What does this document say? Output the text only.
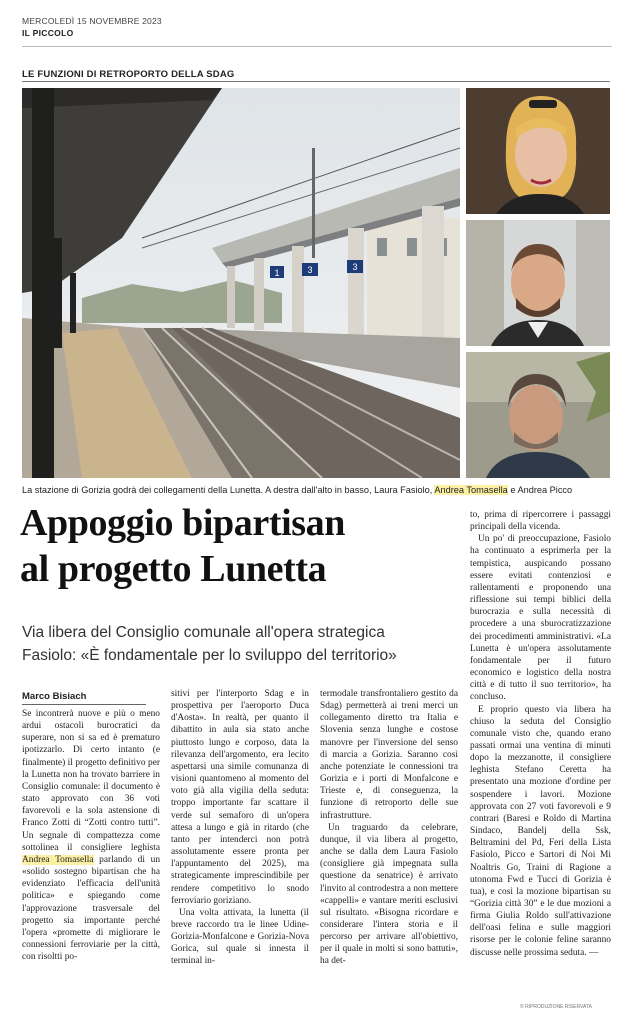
MERCOLEDÌ 15 NOVEMBRE 2023
IL PICCOLO
LE FUNZIONI DI RETROPORTO DELLA SDAG
1	3	3
La stazione di Gorizia godrà dei collegamenti della Lunetta. A destra dall'alto in basso, Laura Fasiolo, Andrea Tomasella e Andrea Picco
Appoggio bipartisan
al progetto Lunetta
Via libera del Consiglio comunale all'opera strategica
Fasiolo: «È fondamentale per lo sviluppo del territorio»
Marco Bisiach

Se incontrerà nuove e più o meno ardui ostacoli burocratici da superare, non si sa ed è prematuro ipotizzarlo. Di certo intanto (e finalmente) il progetto definitivo per la Lunetta non ha trovato barriere in Consiglio comunale: il documento è stato approvato con 36 voti favorevoli e la sola astensione di Franco Zotti di “Zotti contro tutti”. Un segnale di compattezza come sottolinea il consigliere leghista Andrea Tomasella parlando di un «solido sostegno bipartisan che ha evidenziato l'efficacia dell'unità politica» e spiegando come l'approvazione trasversale del progetto sia importante perché l'opera «promette di migliorare le connessioni ferroviarie per la città, con risoltti po-

sitivi per l'interporto Sdag e in prospettiva per l'aeroporto Duca d'Aosta». In realtà, per quanto il dibattito in aula sia stato anche piuttosto lungo e corposo, data la rilevanza dell'argomento, era lecito aspettarsi una simile comunanza di visioni quantomeno al momento del voto già alla vigilia della seduta: troppo importante far scattare il verde sul semaforo di un'opera attesa a lungo e già in ritardo (che tanto per intenderci non potrà assolutamente essere pronta per l'appuntamento del 2025), ma strategicamente imprescindibile per rendere competitivo lo snodo ferroviario goriziano.

Una volta attivata, la lunetta (il breve raccordo tra le linee Udine-Gorizia-Monfalcone e Gorizia-Nova Gorica, sul quale si innesta il terminal in-

termodale transfrontaliero gestito da Sdag) permetterà ai treni merci un collegamento diretto tra Italia e Slovenia senza lunghe e costose manovre per l'inversione del senso di marcia a Gorizia. Saranno così anche potenziate le connessioni tra Gorizia e i porti di Monfalcone e Trieste e, di conseguenza, la funzione di retroporto delle sue infrastrutture.

Un traguardo da celebrare, dunque, il via libera al progetto, anche se dalla dem Laura Fasiolo (consigliere già impegnata sulla questione da senatrice) è arrivato l'invito al controdestra a non mettere «cappelli» e vantare meriti esclusivi sul risultato. «Bisogna ricordare e considerare l'intera storia e il percorso per arrivare all'obiettivo, per il quale in molti si sono battuti», ha det-

to, prima di ripercorrere i passaggi principali della vicenda.

Un po' di preoccupazione, Fasiolo ha continuato a esprimerla per la tempistica, auspicando possano essere evitati contenziosi e rallentamenti e proponendo una riflessione sui tempi biblici della burocrazia e sulla necessità di procedere a una sburocratizzazione dei procedimenti amministrativi. «La Lunetta è un'opera assolutamente fondamentale per il futuro economico e logistico della nostra città e di tutto il suo territorio», ha concluso.

E proprio questo via libera ha chiuso la seduta del Consiglio comunale visto che, quando erano passati ormai una ventina di minuti dopo la mezzanotte, il consigliere leghista Stefano Ceretta ha presentato una mozione d'ordine per sospendere i lavori. Mozione approvata con 27 voti favorevoli e 9 contrari (Baresi e Roldo di Martina Sindaco, Bandelj della Ssk, Beltramini del Pd, Feri della Lista Fasiolo, Picco e Sartori di Noi Mi Noaltris Go, Traini di Ragione a utonoma Fwd e Tucci di Gorizia è tua), e così la mozione bipartisan su “Gorizia città 30” e le due mozioni a firma Giulia Roldo sull'attivazione dell'oasi felina e sulle maggiori risorse per le colonie feline saranno discusse nelle prossima seduta. —

© RIPRODUZIONE RISERVATA
